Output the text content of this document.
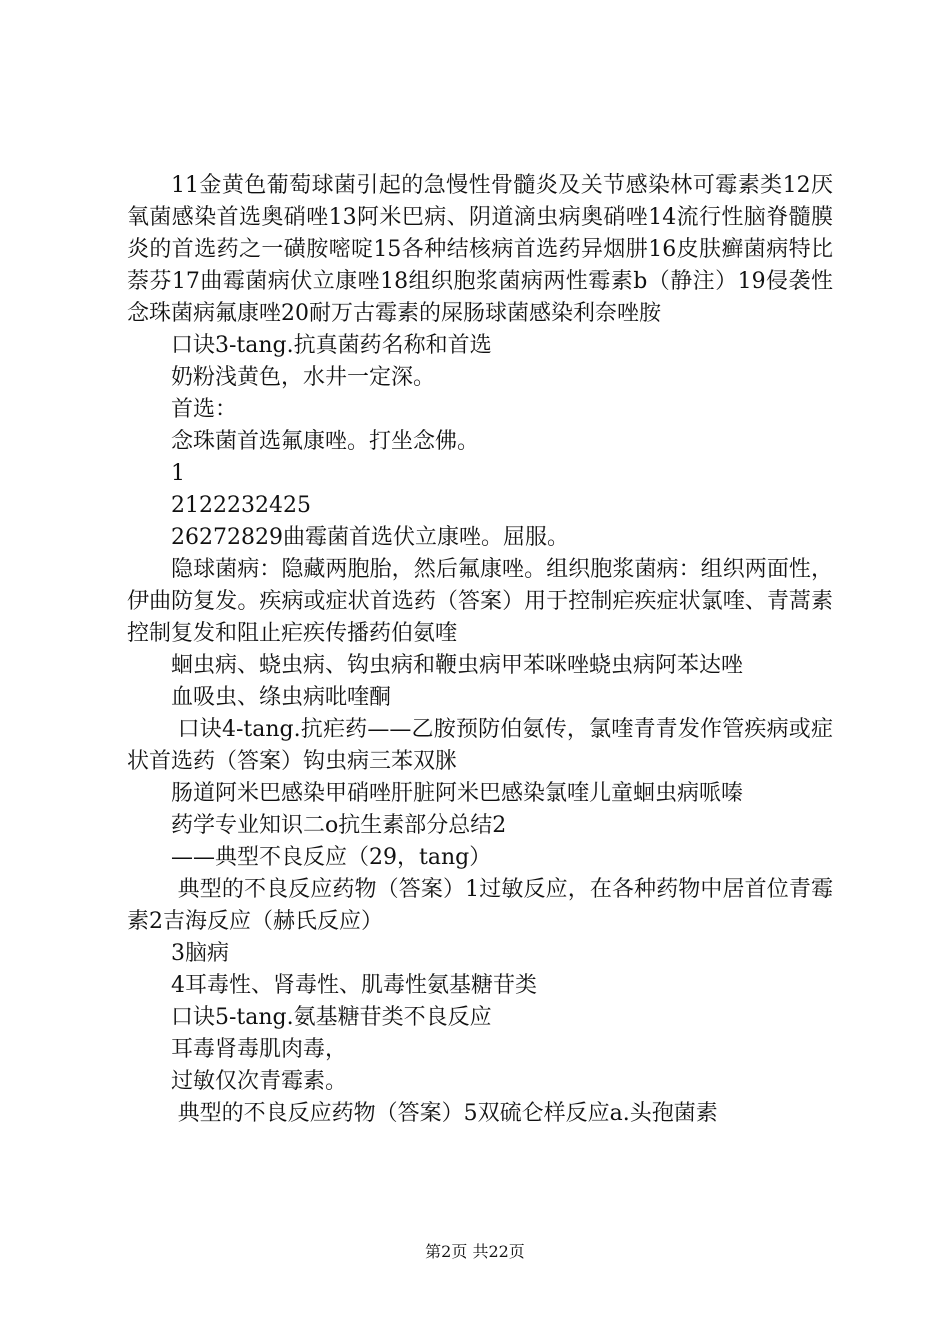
11金黄色葡萄球菌引起的急慢性骨髓炎及关节感染林可霉素类12厌氧菌感染首选奥硝唑13阿米巴病、阴道滴虫病奥硝唑14流行性脑脊髓膜炎的首选药之一磺胺嘧啶15各种结核病首选药异烟肼16皮肤癣菌病特比萘芬17曲霉菌病伏立康唑18组织胞浆菌病两性霉素b（静注）19侵袭性念珠菌病氟康唑20耐万古霉素的屎肠球菌感染利奈唑胺

口诀3-tang.抗真菌药名称和首选

奶粉浅黄色，水井一定深。

首选：

念珠菌首选氟康唑。打坐念佛。

1

2122232425

26272829曲霉菌首选伏立康唑。屈服。

隐球菌病：隐藏两胞胎，然后氟康唑。组织胞浆菌病：组织两面性，伊曲防复发。疾病或症状首选药（答案）用于控制疟疾症状氯喹、青蒿素控制复发和阻止疟疾传播药伯氨喹

蛔虫病、蛲虫病、钩虫病和鞭虫病甲苯咪唑蛲虫病阿苯达唑

血吸虫、绦虫病吡喹酮

口诀4-tang.抗疟药——乙胺预防伯氨传，氯喹青青发作管疾病或症状首选药（答案）钩虫病三苯双脒

肠道阿米巴感染甲硝唑肝脏阿米巴感染氯喹儿童蛔虫病哌嗪

药学专业知识二o抗生素部分总结2

——典型不良反应（29，tang）

典型的不良反应药物（答案）1过敏反应，在各种药物中居首位青霉素2吉海反应（赫氏反应）

3脑病

4耳毒性、肾毒性、肌毒性氨基糖苷类

口诀5-tang.氨基糖苷类不良反应

耳毒肾毒肌肉毒，

过敏仅次青霉素。

典型的不良反应药物（答案）5双硫仑样反应a.头孢菌素

第2页 共22页
